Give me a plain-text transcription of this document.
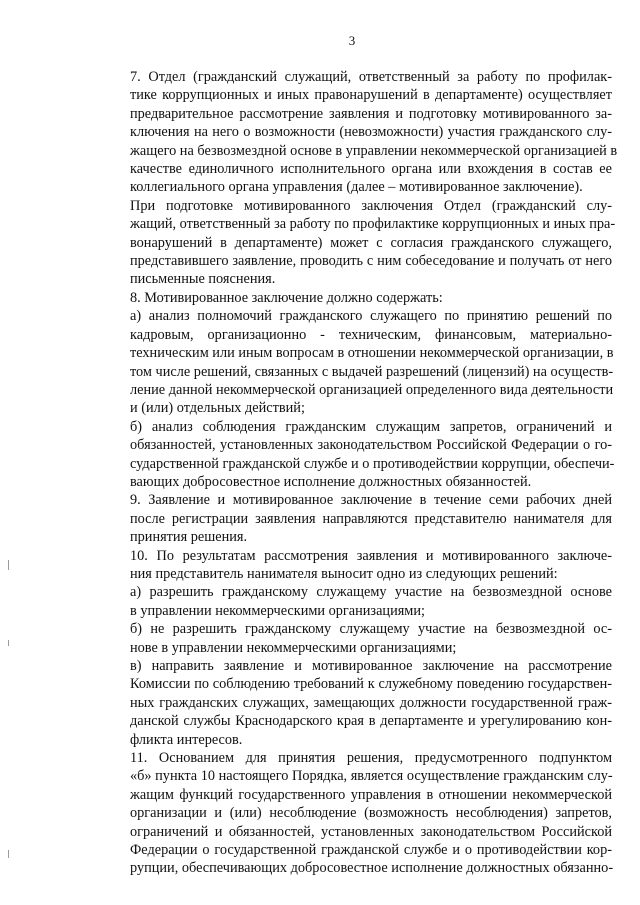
3

7. Отдел (гражданский служащий, ответственный за работу по профилак-
тике коррупционных и иных правонарушений в департаменте) осуществляет
предварительное рассмотрение заявления и подготовку мотивированного за-
ключения на него о возможности (невозможности) участия гражданского слу-
жащего на безвозмездной основе в управлении некоммерческой организацией в
качестве единоличного исполнительного органа или вхождения в состав ее
коллегиального органа управления (далее – мотивированное заключение).

При подготовке мотивированного заключения Отдел (гражданский слу-
жащий, ответственный за работу по профилактике коррупционных и иных пра-
вонарушений в департаменте) может с согласия гражданского служащего,
представившего заявление, проводить с ним собеседование и получать от него
письменные пояснения.

8. Мотивированное заключение должно содержать:

а) анализ полномочий гражданского служащего по принятию решений по
кадровым, организационно - техническим, финансовым, материально-
техническим или иным вопросам в отношении некоммерческой организации, в
том числе решений, связанных с выдачей разрешений (лицензий) на осуществ-
ление данной некоммерческой организацией определенного вида деятельности
и (или) отдельных действий;

б) анализ соблюдения гражданским служащим запретов, ограничений и
обязанностей, установленных законодательством Российской Федерации о го-
сударственной гражданской службе и о противодействии коррупции, обеспечи-
вающих добросовестное исполнение должностных обязанностей.

9. Заявление и мотивированное заключение в течение семи рабочих дней
после регистрации заявления направляются представителю нанимателя для
принятия решения.

10. По результатам рассмотрения заявления и мотивированного заключе-
ния представитель нанимателя выносит одно из следующих решений:

а) разрешить гражданскому служащему участие на безвозмездной основе
в управлении некоммерческими организациями;

б) не разрешить гражданскому служащему участие на безвозмездной ос-
нове в управлении некоммерческими организациями;

в) направить заявление и мотивированное заключение на рассмотрение
Комиссии по соблюдению требований к служебному поведению государствен-
ных гражданских служащих, замещающих должности государственной граж-
данской службы Краснодарского края в департаменте и урегулированию кон-
фликта интересов.

11. Основанием для принятия решения, предусмотренного подпунктом
«б» пункта 10 настоящего Порядка, является осуществление гражданским слу-
жащим функций государственного управления в отношении некоммерческой
организации и (или) несоблюдение (возможность несоблюдения) запретов,
ограничений и обязанностей, установленных законодательством Российской
Федерации о государственной гражданской службе и о противодействии кор-
рупции, обеспечивающих добросовестное исполнение должностных обязанно-
